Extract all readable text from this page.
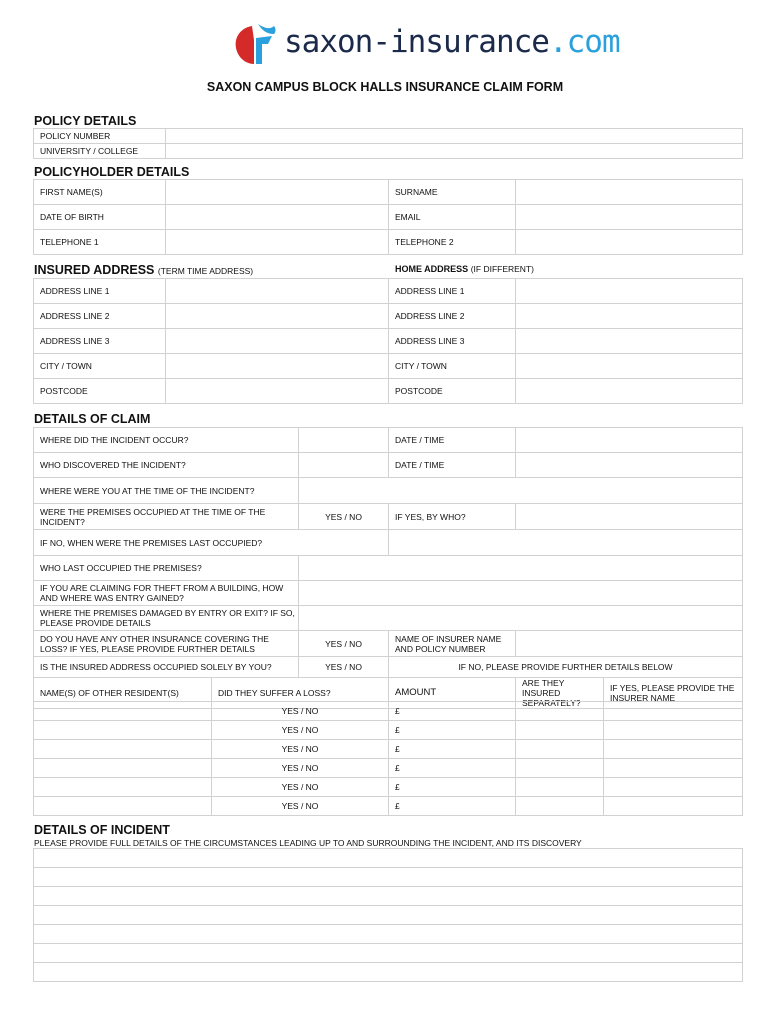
saxon-insurance.com
SAXON CAMPUS BLOCK HALLS INSURANCE CLAIM FORM
POLICY DETAILS
POLICY NUMBER	
UNIVERSITY / COLLEGE	
POLICYHOLDER DETAILS
FIRST NAME(S)		SURNAME	
DATE OF BIRTH		EMAIL	
TELEPHONE 1		TELEPHONE 2	
INSURED ADDRESS (TERM TIME ADDRESS)	HOME ADDRESS (IF DIFFERENT)
ADDRESS LINE 1		ADDRESS LINE 1	
ADDRESS LINE 2		ADDRESS LINE 2	
ADDRESS LINE 3		ADDRESS LINE 3	
CITY / TOWN		CITY / TOWN	
POSTCODE		POSTCODE	
DETAILS OF CLAIM
WHERE DID THE INCIDENT OCCUR?			DATE / TIME		
WHO DISCOVERED THE INCIDENT?			DATE / TIME		
WHERE WERE YOU AT THE TIME OF THE INCIDENT?					
WERE THE PREMISES OCCUPIED AT THE TIME OF THE INCIDENT?		YES / NO	IF YES, BY WHO?		
IF NO, WHEN WERE THE PREMISES LAST OCCUPIED?					
WHO LAST OCCUPIED THE PREMISES?					
IF YOU ARE CLAIMING FOR THEFT FROM A BUILDING, HOW AND WHERE WAS ENTRY GAINED?					
WHERE THE PREMISES DAMAGED BY ENTRY OR EXIT? IF SO, PLEASE PROVIDE DETAILS					
DO YOU HAVE ANY OTHER INSURANCE COVERING THE LOSS? IF YES, PLEASE PROVIDE FURTHER DETAILS		YES / NO	NAME OF INSURER NAME AND POLICY NUMBER		
IS THE INSURED ADDRESS OCCUPIED SOLELY BY YOU?		YES / NO	IF NO, PLEASE PROVIDE FURTHER DETAILS BELOW		
NAME(S) OF OTHER RESIDENT(S)	DID THEY SUFFER A LOSS?		AMOUNT	ARE THEY INSURED SEPARATELY?	IF YES, PLEASE PROVIDE THE INSURER NAME
	YES / NO	£		
	YES / NO	£		
	YES / NO	£		
	YES / NO	£		
	YES / NO	£		
	YES / NO	£		
DETAILS OF INCIDENT
PLEASE PROVIDE FULL DETAILS OF THE CIRCUMSTANCES LEADING UP TO AND SURROUNDING THE INCIDENT, AND ITS DISCOVERY
